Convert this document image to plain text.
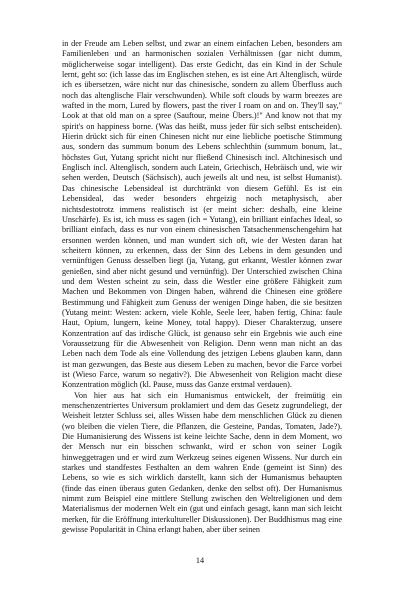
in der Freude am Leben selbst, und zwar an einem einfachen Leben, besonders am Familienleben und an harmonischen sozialen Verhältnissen (gar nicht dumm, möglicherweise sogar intelligent). Das erste Gedicht, das ein Kind in der Schule lernt, geht so: (ich lasse das im Englischen stehen, es ist eine Art Altenglisch, würde ich es übersetzen, wäre nicht nur das chinesische, sondern zu allem Überfluss auch noch das altenglische Flair verschwunden). While soft clouds by warm breezes are wafted in the morn, Lured by flowers, past the river I roam on and on. They'll say," Look at that old man on a spree (Sauftour, meine Übers.)!" And know not that my spirit's on happiness borne. (Was das heißt, muss jeder für sich selbst entscheiden). Hierin drückt sich für einen Chinesen nicht nur eine liebliche poetische Stimmung aus, sondern das summum bonum des Lebens schlechthin (summum bonum, lat., höchstes Gut, Yutang spricht nicht nur fließend Chinesisch incl. Altchinesisch und Englisch incl. Altenglisch, sondern auch Latein, Griechisch, Hebräisch und, wie wir sehen werden, Deutsch (Sächsisch), auch jeweils alt und neu, ist selbst Humanist). Das chinesische Lebensideal ist durchtränkt von diesem Gefühl. Es ist ein Lebensideal, das weder besonders ehrgeizig noch metaphysisch, aber nichtsdestotrotz immens realistisch ist (er meint sicher: deshalb, eine kleine Unschärfe). Es ist, ich muss es sagen (ich = Yutang), ein brilliant einfaches Ideal, so brilliant einfach, dass es nur von einem chinesischen Tatsachenmenschengehirn hat ersonnen werden können, und man wundert sich oft, wie der Westen daran hat scheitern können, zu erkennen, dass der Sinn des Lebens in dem gesunden und vernünftigen Genuss desselben liegt (ja, Yutang, gut erkannt, Westler können zwar genießen, sind aber nicht gesund und vernünftig). Der Unterschied zwischen China und dem Westen scheint zu sein, dass die Westler eine größere Fähigkeit zum Machen und Bekommen von Dingen haben, während die Chinesen eine größere Bestimmung und Fähigkeit zum Genuss der wenigen Dinge haben, die sie besitzen (Yutang meint: Westen: ackern, viele Kohle, Seele leer, haben fertig, China: faule Haut, Opium, lungern, keine Money, total happy). Dieser Charakterzug, unsere Konzentration auf das irdische Glück, ist genauso sehr ein Ergebnis wie auch eine Voraussetzung für die Abwesenheit von Religion. Denn wenn man nicht an das Leben nach dem Tode als eine Vollendung des jetzigen Lebens glauben kann, dann ist man gezwungen, das Beste aus diesem Leben zu machen, bevor die Farce vorbei ist (Wieso Farce, warum so negativ?). Die Abwesenheit von Religion macht diese Konzentration möglich (kl. Pause, muss das Ganze erstmal verdauen).

Von hier aus hat sich ein Humanismus entwickelt, der freimütig ein menschenzentriertes Universum proklamiert und dem das Gesetz zugrundeliegt, der Weisheit letzter Schluss sei, alles Wissen habe dem menschlichen Glück zu dienen (wo bleiben die vielen Tiere, die Pflanzen, die Gesteine, Pandas, Tomaten, Jade?). Die Humanisierung des Wissens ist keine leichte Sache, denn in dem Moment, wo der Mensch nur ein bisschen schwankt, wird er schon von seiner Logik hinweggetragen und er wird zum Werkzeug seines eigenen Wissens. Nur durch ein starkes und standfestes Festhalten an dem wahren Ende (gemeint ist Sinn) des Lebens, so wie es sich wirklich darstellt, kann sich der Humanismus behaupten (finde das einen überaus guten Gedanken, denke den selbst oft). Der Humanismus nimmt zum Beispiel eine mittlere Stellung zwischen den Weltreligionen und dem Materialismus der modernen Welt ein (gut und einfach gesagt, kann man sich leicht merken, für die Eröffnung interkultureller Diskussionen). Der Buddhismus mag eine gewisse Popularität in China erlangt haben, aber über seinen

14
